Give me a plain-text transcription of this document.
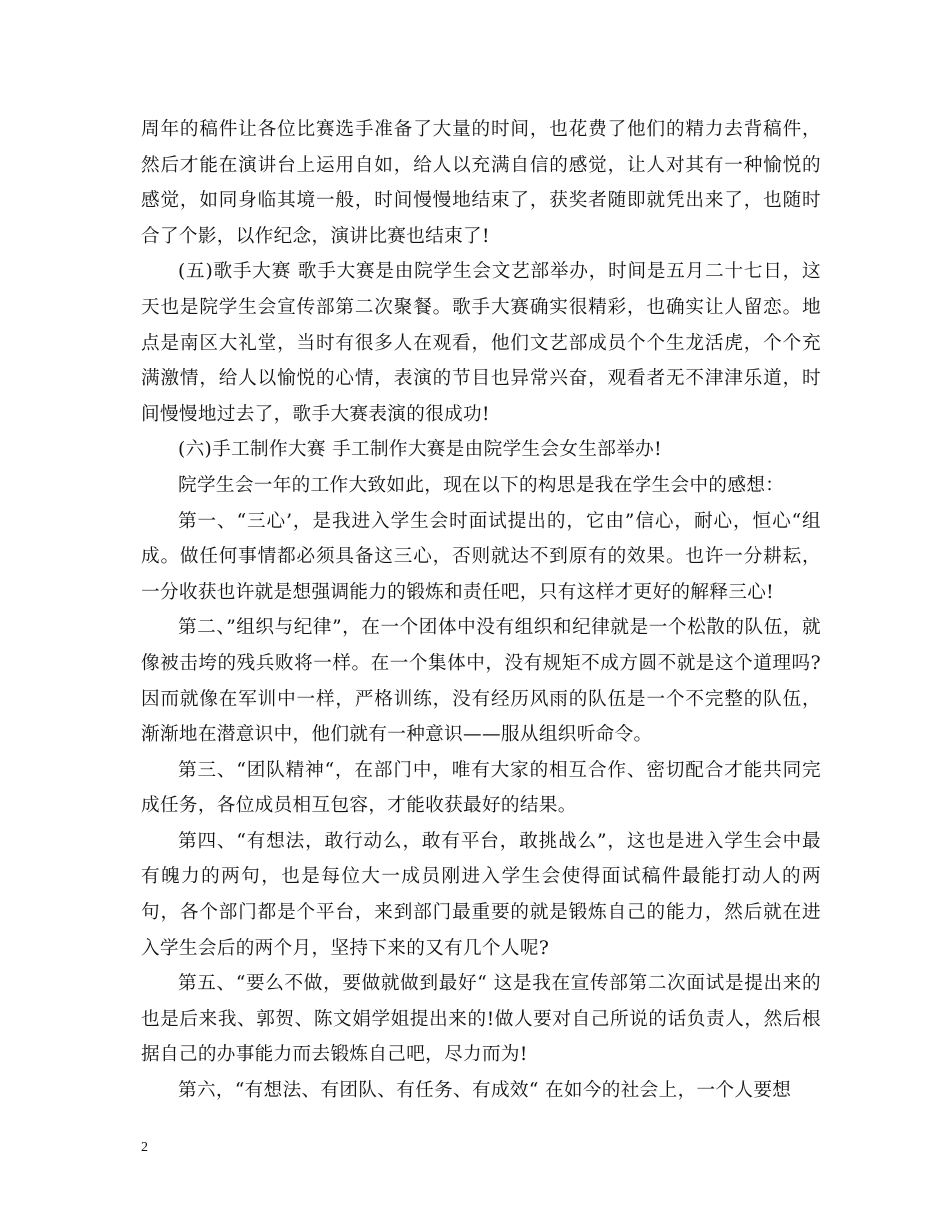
周年的稿件让各位比赛选手准备了大量的时间，也花费了他们的精力去背稿件，然后才能在演讲台上运用自如，给人以充满自信的感觉，让人对其有一种愉悦的感觉，如同身临其境一般，时间慢慢地结束了，获奖者随即就凭出来了，也随时合了个影，以作纪念，演讲比赛也结束了!

(五)歌手大赛 歌手大赛是由院学生会文艺部举办，时间是五月二十七日，这天也是院学生会宣传部第二次聚餐。歌手大赛确实很精彩，也确实让人留恋。地点是南区大礼堂，当时有很多人在观看，他们文艺部成员个个生龙活虎，个个充满激情，给人以愉悦的心情，表演的节目也异常兴奋，观看者无不津津乐道，时间慢慢地过去了，歌手大赛表演的很成功!

(六)手工制作大赛 手工制作大赛是由院学生会女生部举办!

院学生会一年的工作大致如此，现在以下的构思是我在学生会中的感想：

第一、“三心’，是我进入学生会时面试提出的，它由”信心，耐心，恒心“组成。做任何事情都必须具备这三心，否则就达不到原有的效果。也许一分耕耘，一分收获也许就是想强调能力的锻炼和责任吧，只有这样才更好的解释三心!

第二、”组织与纪律”，在一个团体中没有组织和纪律就是一个松散的队伍，就像被击垮的残兵败将一样。在一个集体中，没有规矩不成方圆不就是这个道理吗?因而就像在军训中一样，严格训练，没有经历风雨的队伍是一个不完整的队伍，渐渐地在潜意识中，他们就有一种意识——服从组织听命令。

第三、“团队精神“，在部门中，唯有大家的相互合作、密切配合才能共同完成任务，各位成员相互包容，才能收获最好的结果。

第四、“有想法，敢行动么，敢有平台，敢挑战么”，这也是进入学生会中最有魄力的两句，也是每位大一成员刚进入学生会使得面试稿件最能打动人的两句，各个部门都是个平台，来到部门最重要的就是锻炼自己的能力，然后就在进入学生会后的两个月，坚持下来的又有几个人呢?

第五、“要么不做，要做就做到最好“ 这是我在宣传部第二次面试是提出来的也是后来我、郭贺、陈文娟学姐提出来的!做人要对自己所说的话负责人，然后根据自己的办事能力而去锻炼自己吧，尽力而为!

第六，“有想法、有团队、有任务、有成效“ 在如今的社会上，一个人要想

2
